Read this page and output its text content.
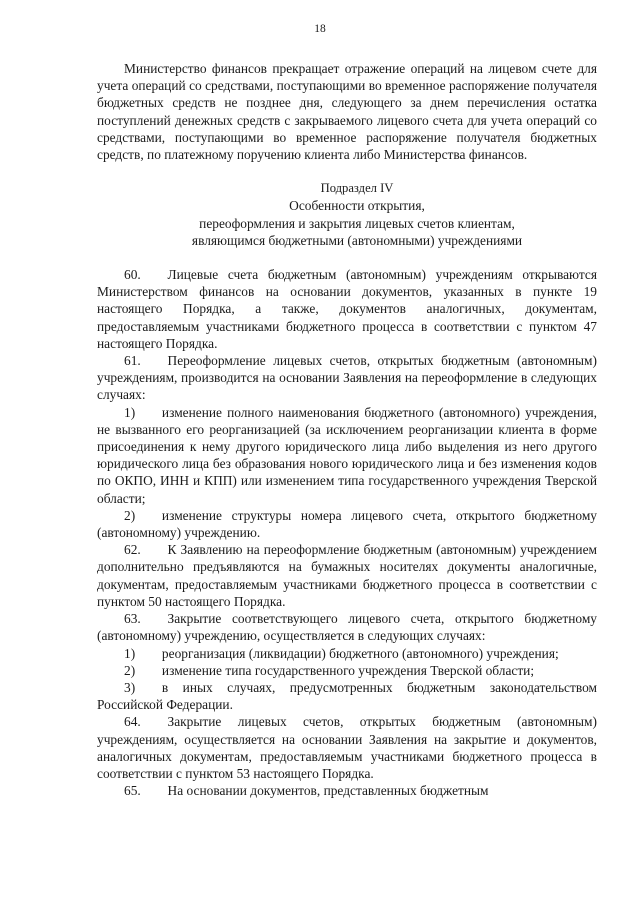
18

Министерство финансов прекращает отражение операций на лицевом счете для учета операций со средствами, поступающими во временное распоряжение получателя бюджетных средств не позднее дня, следующего за днем перечисления остатка поступлений денежных средств с закрываемого лицевого счета для учета операций со средствами, поступающими во временное распоряжение получателя бюджетных средств, по платежному поручению клиента либо Министерства финансов.

Подраздел IV

Особенности открытия,

переоформления и закрытия лицевых счетов клиентам,

являющимся бюджетными (автономными) учреждениями

60.  Лицевые счета бюджетным (автономным) учреждениям открываются Министерством финансов на основании документов, указанных в пункте 19 настоящего Порядка, а также, документов аналогичных, документам, предоставляемым участниками бюджетного процесса в соответствии с пунктом 47 настоящего Порядка.

61.  Переоформление лицевых счетов, открытых бюджетным (автономным) учреждениям, производится на основании Заявления на переоформление в следующих случаях:

1)  изменение полного наименования бюджетного (автономного) учреждения, не вызванного его реорганизацией (за исключением реорганизации клиента в форме присоединения к нему другого юридического лица либо выделения из него другого юридического лица без образования нового юридического лица и без изменения кодов по ОКПО, ИНН и КПП) или изменением типа государственного учреждения Тверской области;

2)  изменение структуры номера лицевого счета, открытого бюджетному (автономному) учреждению.

62.  К Заявлению на переоформление бюджетным (автономным) учреждением дополнительно предъявляются на бумажных носителях документы аналогичные, документам, предоставляемым участниками бюджетного процесса в соответствии с пунктом 50 настоящего Порядка.

63.  Закрытие соответствующего лицевого счета, открытого бюджетному (автономному) учреждению, осуществляется в следующих случаях:

1)  реорганизация (ликвидации) бюджетного (автономного) учреждения;

2)  изменение типа государственного учреждения Тверской области;

3)  в иных случаях, предусмотренных бюджетным законодательством Российской Федерации.

64.  Закрытие лицевых счетов, открытых бюджетным (автономным) учреждениям, осуществляется на основании Заявления на закрытие и документов, аналогичных документам, предоставляемым участниками бюджетного процесса в соответствии с пунктом 53 настоящего Порядка.

65.  На основании документов, представленных бюджетным
